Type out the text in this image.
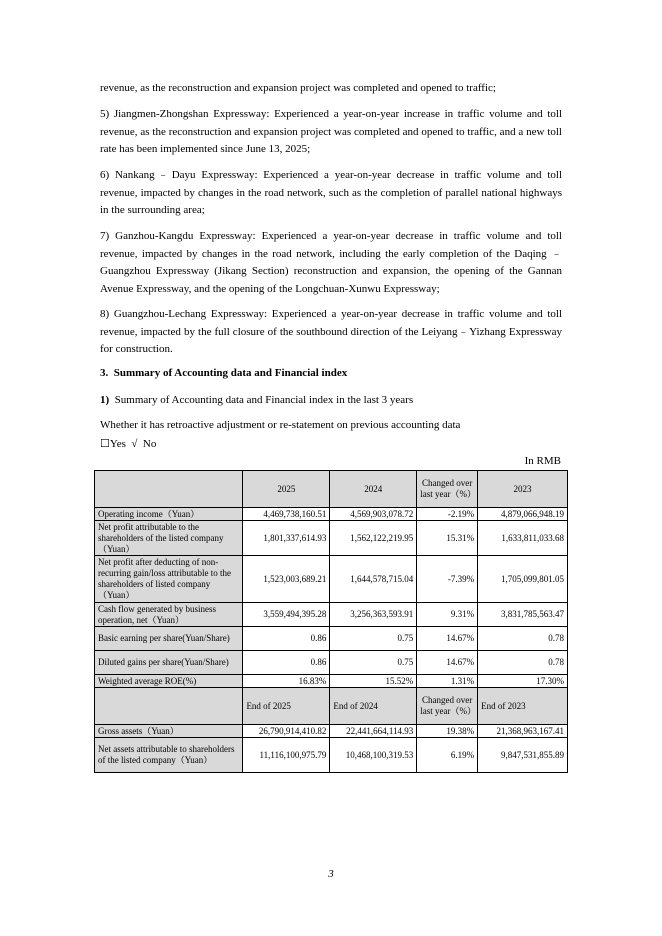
revenue, as the reconstruction and expansion project was completed and opened to traffic;

5) Jiangmen-Zhongshan Expressway: Experienced a year-on-year increase in traffic volume and toll revenue, as the reconstruction and expansion project was completed and opened to traffic, and a new toll rate has been implemented since June 13, 2025;

6) Nankang﹣Dayu Expressway: Experienced a year-on-year decrease in traffic volume and toll revenue, impacted by changes in the road network, such as the completion of parallel national highways in the surrounding area;

7) Ganzhou-Kangdu Expressway: Experienced a year-on-year decrease in traffic volume and toll revenue, impacted by changes in the road network, including the early completion of the Daqing ﹣Guangzhou Expressway (Jikang Section) reconstruction and expansion, the opening of the Gannan Avenue Expressway, and the opening of the Longchuan-Xunwu Expressway;

8) Guangzhou-Lechang Expressway: Experienced a year-on-year decrease in traffic volume and toll revenue, impacted by the full closure of the southbound direction of the Leiyang﹣Yizhang Expressway for construction.

3.  Summary of Accounting data and Financial index

1) Summary of Accounting data and Financial index in the last 3 years

Whether it has retroactive adjustment or re-statement on previous accounting data

☐Yes  √  No

In RMB
	2025	2024	Changed over last year（%）	2023
Operating income（Yuan）	4,469,738,160.51	4,569,903,078.72	-2.19%	4,879,066,948.19
Net profit attributable to the shareholders of the listed company（Yuan）	1,801,337,614.93	1,562,122,219.95	15.31%	1,633,811,033.68
Net profit after deducting of non-recurring gain/loss attributable to the shareholders of listed company（Yuan）	1,523,003,689.21	1,644,578,715.04	-7.39%	1,705,099,801.05
Cash flow generated by business operation, net（Yuan）	3,559,494,395.28	3,256,363,593.91	9.31%	3,831,785,563.47
Basic earning per share(Yuan/Share)	0.86	0.75	14.67%	0.78
Diluted gains per share(Yuan/Share)	0.86	0.75	14.67%	0.78
Weighted average ROE(%)	16.83%	15.52%	1.31%	17.30%
	End of 2025	End of 2024	Changed over last year（%）	End of 2023
Gross assets（Yuan）	26,790,914,410.82	22,441,664,114.93	19.38%	21,368,963,167.41
Net assets attributable to shareholders of the listed company（Yuan）	11,116,100,975.79	10,468,100,319.53	6.19%	9,847,531,855.89
3
